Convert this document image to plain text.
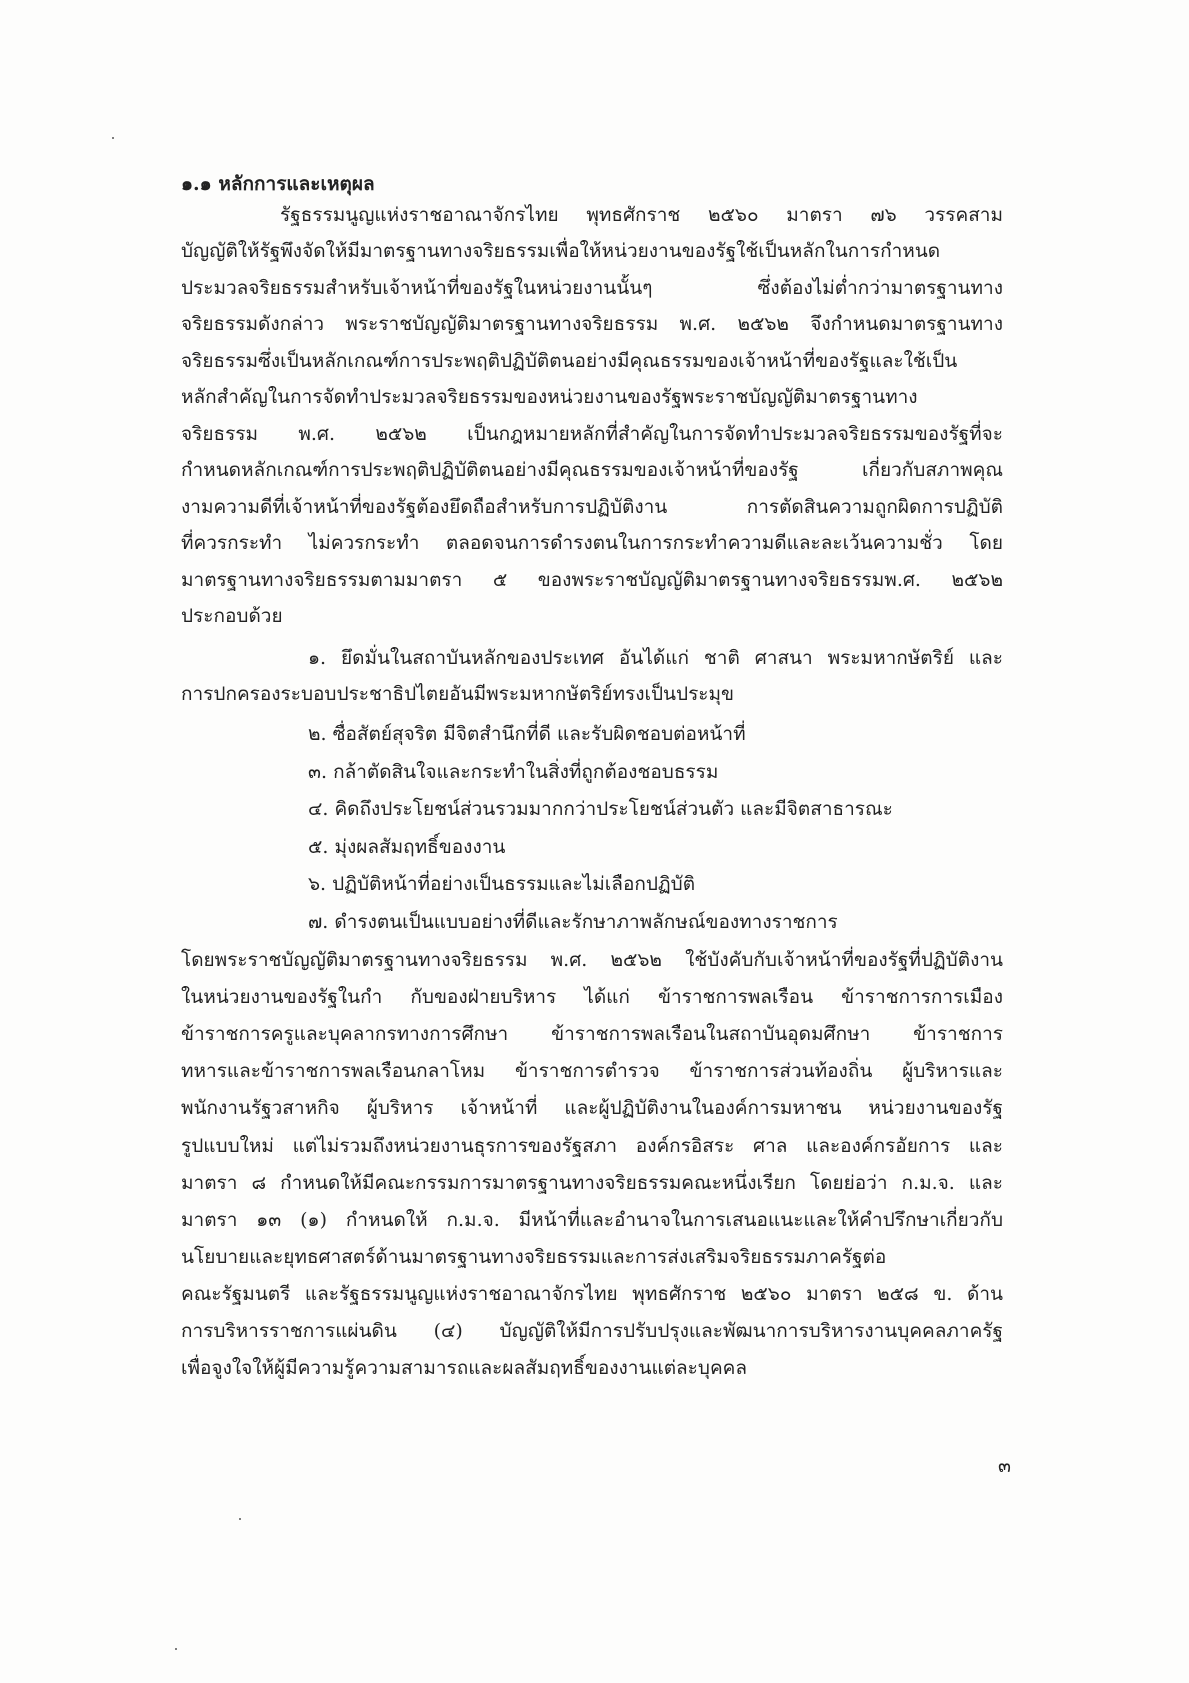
๑.๑ หลักการและเหตุผล
รัฐธรรมนูญแห่งราชอาณาจักรไทย พุทธศักราช ๒๕๖๐ มาตรา ๗๖ วรรคสาม
บัญญัติให้รัฐพึงจัดให้มีมาตรฐานทางจริยธรรมเพื่อให้หน่วยงานของรัฐใช้เป็นหลักในการกำหนด
ประมวลจริยธรรมสำหรับเจ้าหน้าที่ของรัฐในหน่วยงานนั้นๆ ซึ่งต้องไม่ต่ำกว่ามาตรฐานทาง
จริยธรรมดังกล่าว พระราชบัญญัติมาตรฐานทางจริยธรรม พ.ศ. ๒๕๖๒ จึงกำหนดมาตรฐานทาง
จริยธรรมซึ่งเป็นหลักเกณฑ์การประพฤติปฏิบัติตนอย่างมีคุณธรรมของเจ้าหน้าที่ของรัฐและใช้เป็น
หลักสำคัญในการจัดทำประมวลจริยธรรมของหน่วยงานของรัฐพระราชบัญญัติมาตรฐานทาง
จริยธรรม พ.ศ. ๒๕๖๒ เป็นกฎหมายหลักที่สำคัญในการจัดทำประมวลจริยธรรมของรัฐที่จะ
กำหนดหลักเกณฑ์การประพฤติปฏิบัติตนอย่างมีคุณธรรมของเจ้าหน้าที่ของรัฐ เกี่ยวกับสภาพคุณ
งามความดีที่เจ้าหน้าที่ของรัฐต้องยึดถือสำหรับการปฏิบัติงาน การตัดสินความถูกผิดการปฏิบัติ
ที่ควรกระทำ ไม่ควรกระทำ ตลอดจนการดำรงตนในการกระทำความดีและละเว้นความชั่ว โดย
มาตรฐานทางจริยธรรมตามมาตรา ๕ ของพระราชบัญญัติมาตรฐานทางจริยธรรมพ.ศ. ๒๕๖๒
ประกอบด้วย
๑. ยึดมั่นในสถาบันหลักของประเทศ อันได้แก่ ชาติ ศาสนา พระมหากษัตริย์ และ
การปกครองระบอบประชาธิปไตยอันมีพระมหากษัตริย์ทรงเป็นประมุข
๒. ซื่อสัตย์สุจริต มีจิตสำนึกที่ดี และรับผิดชอบต่อหน้าที่
๓. กล้าตัดสินใจและกระทำในสิ่งที่ถูกต้องชอบธรรม
๔. คิดถึงประโยชน์ส่วนรวมมากกว่าประโยชน์ส่วนตัว และมีจิตสาธารณะ
๕. มุ่งผลสัมฤทธิ์ของงาน
๖. ปฏิบัติหน้าที่อย่างเป็นธรรมและไม่เลือกปฏิบัติ
๗. ดำรงตนเป็นแบบอย่างที่ดีและรักษาภาพลักษณ์ของทางราชการ
โดยพระราชบัญญัติมาตรฐานทางจริยธรรม พ.ศ. ๒๕๖๒ ใช้บังคับกับเจ้าหน้าที่ของรัฐที่ปฏิบัติงาน
ในหน่วยงานของรัฐในกำ กับของฝ่ายบริหาร ได้แก่ ข้าราชการพลเรือน ข้าราชการการเมือง
ข้าราชการครูและบุคลากรทางการศึกษา ข้าราชการพลเรือนในสถาบันอุดมศึกษา ข้าราชการ
ทหารและข้าราชการพลเรือนกลาโหม ข้าราชการตำรวจ ข้าราชการส่วนท้องถิ่น ผู้บริหารและ
พนักงานรัฐวสาหกิจ ผู้บริหาร เจ้าหน้าที่ และผู้ปฏิบัติงานในองค์การมหาชน หน่วยงานของรัฐ
รูปแบบใหม่ แต่ไม่รวมถึงหน่วยงานธุรการของรัฐสภา องค์กรอิสระ ศาล และองค์กรอัยการ และ
มาตรา ๘ กำหนดให้มีคณะกรรมการมาตรฐานทางจริยธรรมคณะหนึ่งเรียก โดยย่อว่า ก.ม.จ. และ
มาตรา ๑๓ (๑) กำหนดให้ ก.ม.จ. มีหน้าที่และอำนาจในการเสนอแนะและให้คำปรึกษาเกี่ยวกับ
นโยบายและยุทธศาสตร์ด้านมาตรฐานทางจริยธรรมและการส่งเสริมจริยธรรมภาครัฐต่อ
คณะรัฐมนตรี และรัฐธรรมนูญแห่งราชอาณาจักรไทย พุทธศักราช ๒๕๖๐ มาตรา ๒๕๘ ข. ด้าน
การบริหารราชการแผ่นดิน (๔) บัญญัติให้มีการปรับปรุงและพัฒนาการบริหารงานบุคคลภาครัฐ
เพื่อจูงใจให้ผู้มีความรู้ความสามารถและผลสัมฤทธิ์ของงานแต่ละบุคคล
๓
